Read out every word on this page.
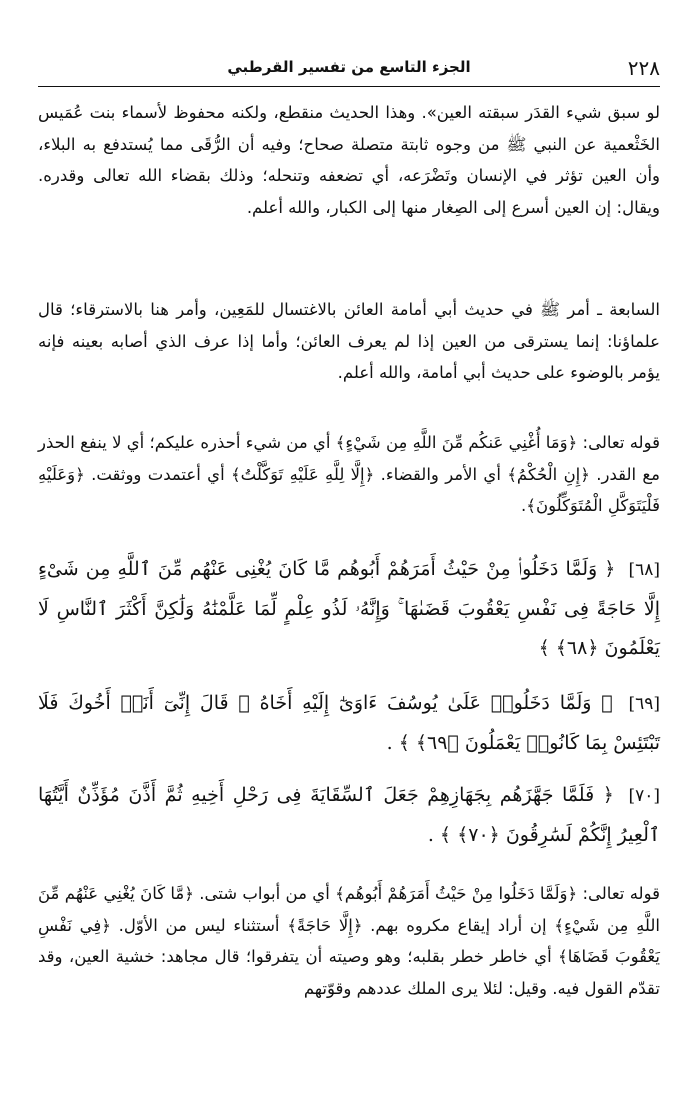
٢٢٨
الجزء التاسع من تفسير القرطبي
لو سبق شيء القدَر سبقته العين». وهذا الحديث منقطع، ولكنه محفوظ لأسماء بنت عُمَيس الخَثْعمية عن النبي ﷺ من وجوه ثابتة متصلة صحاح؛ وفيه أن الرُّقَى مما يُستدفع به البلاء، وأن العين تؤثر في الإنسان وتَضْرَعه، أي تضعفه وتنحله؛ وذلك بقضاء الله تعالى وقدره. ويقال: إن العين أسرع إلى الصِغار منها إلى الكبار، والله أعلم.
السابعة ـ أمر ﷺ في حديث أبي أمامة العائن بالاغتسال للمَعِين، وأمر هنا بالاسترقاء؛ قال علماؤنا: إنما يسترقى من العين إذا لم يعرف العائن؛ وأما إذا عرف الذي أصابه بعينه فإنه يؤمر بالوضوء على حديث أبي أمامة، والله أعلم.
قوله تعالى: ﴿وَمَا أُغْنِي عَنكُم مِّنَ اللَّهِ مِن شَيْءٍ﴾ أي من شيء أحذره عليكم؛ أي لا ينفع الحذر مع القدر. ﴿إِنِ الْحُكْمُ﴾ أي الأمر والقضاء. ﴿إِلَّا لِلَّهِ عَلَيْهِ تَوَكَّلْتُ﴾ أي أعتمدت ووثقت. ﴿وَعَلَيْهِ فَلْيَتَوَكَّلِ الْمُتَوَكِّلُونَ﴾.
[٦٨] ﴿ وَلَمَّا دَخَلُوا۟ مِنْ حَيْثُ أَمَرَهُمْ أَبُوهُم مَّا كَانَ يُغْنِى عَنْهُم مِّنَ ٱللَّهِ مِن شَىْءٍ إِلَّا حَاجَةً فِى نَفْسِ يَعْقُوبَ قَضَىٰهَا ۚ وَإِنَّهُۥ لَذُو عِلْمٍ لِّمَا عَلَّمْنَٰهُ وَلَٰكِنَّ أَكْثَرَ ٱلنَّاسِ لَا يَعْلَمُونَ ﴿٦٨﴾ ﴾
[٦٩] ﴿ وَلَمَّا دَخَلُوا۟ عَلَىٰ يُوسُفَ ءَاوَىٰٓ إِلَيْهِ أَخَاهُ ۖ قَالَ إِنِّىٓ أَنَا۠ أَخُوكَ فَلَا تَبْتَئِسْ بِمَا كَانُوا۟ يَعْمَلُونَ ﴿٦٩﴾ ﴾ .
[٧٠] ﴿ فَلَمَّا جَهَّزَهُم بِجَهَازِهِمْ جَعَلَ ٱلسِّقَايَةَ فِى رَحْلِ أَخِيهِ ثُمَّ أَذَّنَ مُؤَذِّنٌ أَيَّتُهَا ٱلْعِيرُ إِنَّكُمْ لَسَٰرِقُونَ ﴿٧٠﴾ ﴾ .
قوله تعالى: ﴿وَلَمَّا دَخَلُوا مِنْ حَيْثُ أَمَرَهُمْ أَبُوهُم﴾ أي من أبواب شتى. ﴿مَّا كَانَ يُغْنِي عَنْهُم مِّنَ اللَّهِ مِن شَيْءٍ﴾ إن أراد إيقاع مكروه بهم. ﴿إِلَّا حَاجَةً﴾ أستثناء ليس من الأوّل. ﴿فِي نَفْسِ يَعْقُوبَ قَضَاهَا﴾ أي خاطر خطر بقلبه؛ وهو وصيته أن يتفرقوا؛ قال مجاهد: خشية العين، وقد تقدّم القول فيه. وقيل: لئلا يرى الملك عددهم وقوّتهم
